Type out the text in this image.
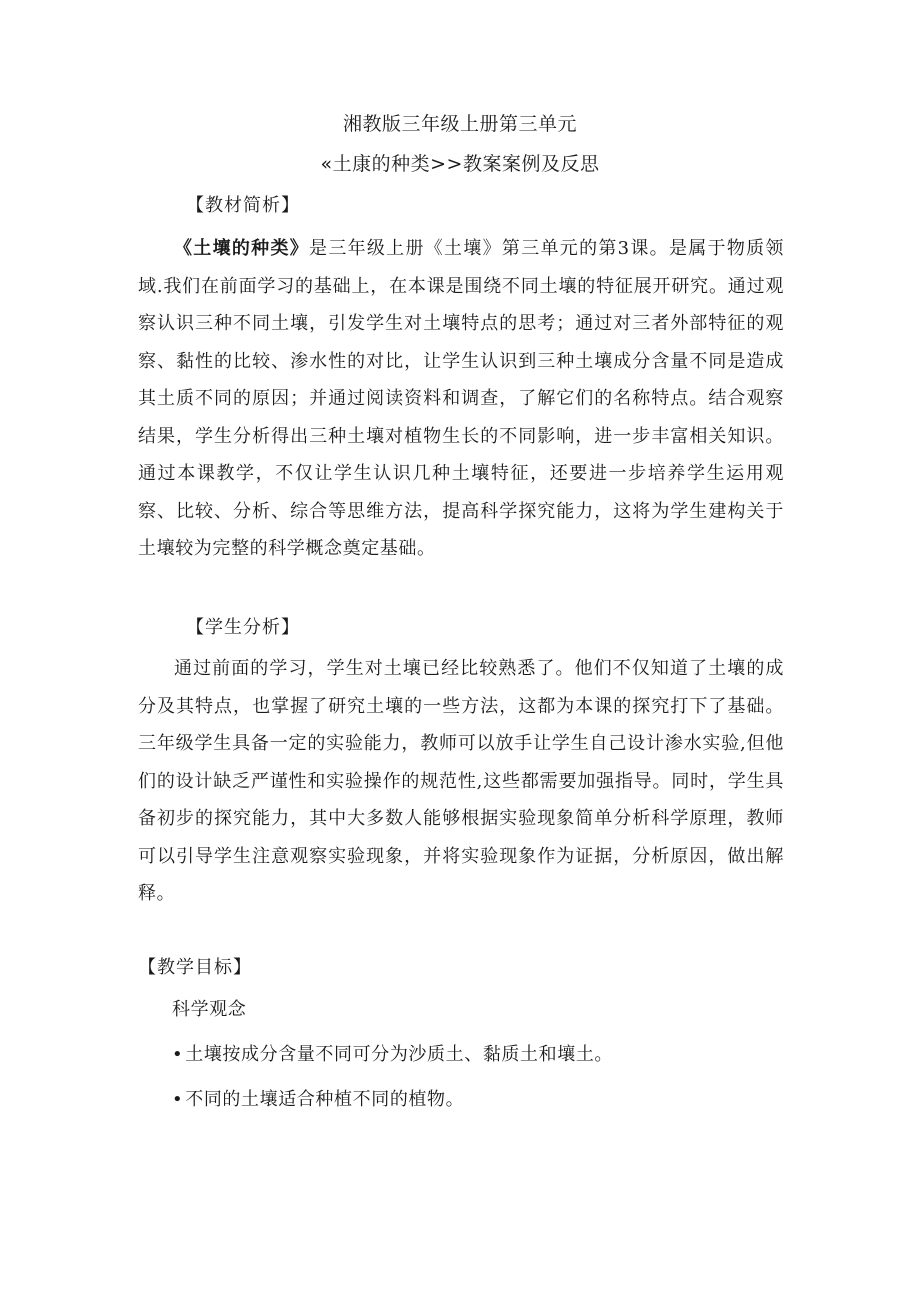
湘教版三年级上册第三单元
«土康的种类>>教案案例及反思
【教材简析】
《土壤的种类》是三年级上册《土壤》第三单元的第3课。是属于物质领域.我们在前面学习的基础上，在本课是围绕不同土壤的特征展开研究。通过观察认识三种不同土壤，引发学生对土壤特点的思考；通过对三者外部特征的观察、黏性的比较、渗水性的对比，让学生认识到三种土壤成分含量不同是造成其土质不同的原因；并通过阅读资料和调查，了解它们的名称特点。结合观察结果，学生分析得出三种土壤对植物生长的不同影响，进一步丰富相关知识。通过本课教学，不仅让学生认识几种土壤特征，还要进一步培养学生运用观察、比较、分析、综合等思维方法，提高科学探究能力，这将为学生建构关于土壤较为完整的科学概念奠定基础。
【学生分析】
通过前面的学习，学生对土壤已经比较熟悉了。他们不仅知道了土壤的成分及其特点，也掌握了研究土壤的一些方法，这都为本课的探究打下了基础。三年级学生具备一定的实验能力，教师可以放手让学生自己设计渗水实验,但他们的设计缺乏严谨性和实验操作的规范性,这些都需要加强指导。同时，学生具备初步的探究能力，其中大多数人能够根据实验现象简单分析科学原理，教师可以引导学生注意观察实验现象，并将实验现象作为证据，分析原因，做出解释。
【教学目标】
科学观念
• 土壤按成分含量不同可分为沙质土、黏质土和壤土。
• 不同的土壤适合种植不同的植物。
